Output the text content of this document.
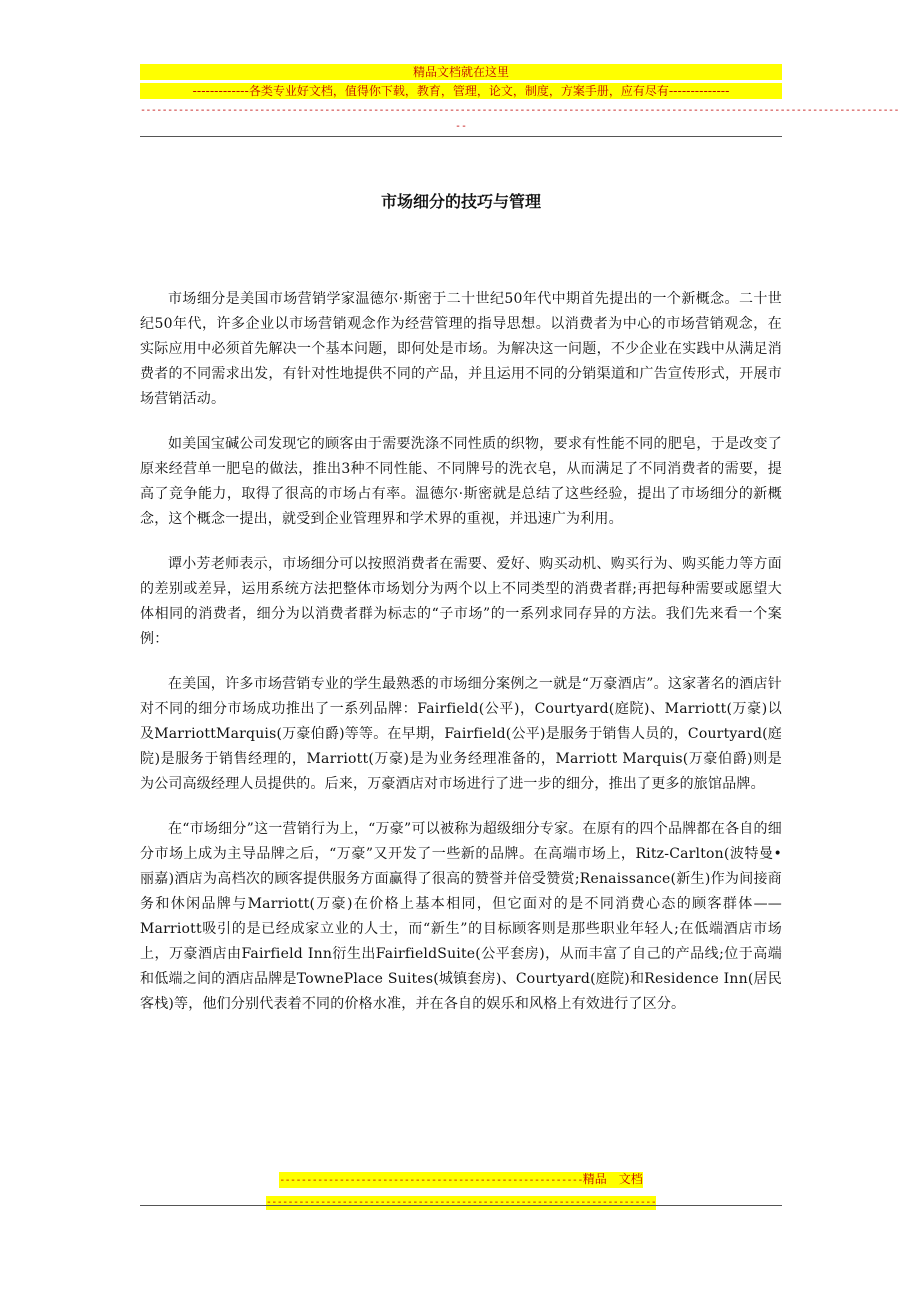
精品文档就在这里
-------------各类专业好文档，值得你下载，教育，管理，论文，制度，方案手册，应有尽有--------------
--------------------------------------------------------------------------------------------------------------------------------------------
--
市场细分的技巧与管理

市场细分是美国市场营销学家温德尔·斯密于二十世纪50年代中期首先提出的一个新概念。二十世纪50年代，许多企业以市场营销观念作为经营管理的指导思想。以消费者为中心的市场营销观念，在实际应用中必须首先解决一个基本问题，即何处是市场。为解决这一问题，不少企业在实践中从满足消费者的不同需求出发，有针对性地提供不同的产品，并且运用不同的分销渠道和广告宣传形式，开展市场营销活动。

如美国宝碱公司发现它的顾客由于需要洗涤不同性质的织物，要求有性能不同的肥皂，于是改变了原来经营单一肥皂的做法，推出3种不同性能、不同牌号的洗衣皂，从而满足了不同消费者的需要，提高了竞争能力，取得了很高的市场占有率。温德尔·斯密就是总结了这些经验，提出了市场细分的新概念，这个概念一提出，就受到企业管理界和学术界的重视，并迅速广为利用。

谭小芳老师表示，市场细分可以按照消费者在需要、爱好、购买动机、购买行为、购买能力等方面的差别或差异，运用系统方法把整体市场划分为两个以上不同类型的消费者群;再把每种需要或愿望大体相同的消费者，细分为以消费者群为标志的“子市场”的一系列求同存异的方法。我们先来看一个案例：

在美国，许多市场营销专业的学生最熟悉的市场细分案例之一就是“万豪酒店”。这家著名的酒店针对不同的细分市场成功推出了一系列品牌：Fairfield(公平)，Courtyard(庭院)、Marriott(万豪)以及MarriottMarquis(万豪伯爵)等等。在早期，Fairfield(公平)是服务于销售人员的，Courtyard(庭院)是服务于销售经理的，Marriott(万豪)是为业务经理准备的，Marriott Marquis(万豪伯爵)则是为公司高级经理人员提供的。后来，万豪酒店对市场进行了进一步的细分，推出了更多的旅馆品牌。

在“市场细分”这一营销行为上，“万豪”可以被称为超级细分专家。在原有的四个品牌都在各自的细分市场上成为主导品牌之后，“万豪”又开发了一些新的品牌。在高端市场上，Ritz-Carlton(波特曼•丽嘉)酒店为高档次的顾客提供服务方面赢得了很高的赞誉并倍受赞赏;Renaissance(新生)作为间接商务和休闲品牌与Marriott(万豪)在价格上基本相同，但它面对的是不同消费心态的顾客群体——Marriott吸引的是已经成家立业的人士，而“新生”的目标顾客则是那些职业年轻人;在低端酒店市场上，万豪酒店由Fairfield Inn衍生出FairfieldSuite(公平套房)，从而丰富了自己的产品线;位于高端和低端之间的酒店品牌是TownePlace Suites(城镇套房)、Courtyard(庭院)和Residence Inn(居民客栈)等，他们分别代表着不同的价格水准，并在各自的娱乐和风格上有效进行了区分。

--------------------------------------------------------精品　文档
------------------------------------------------------------------------
